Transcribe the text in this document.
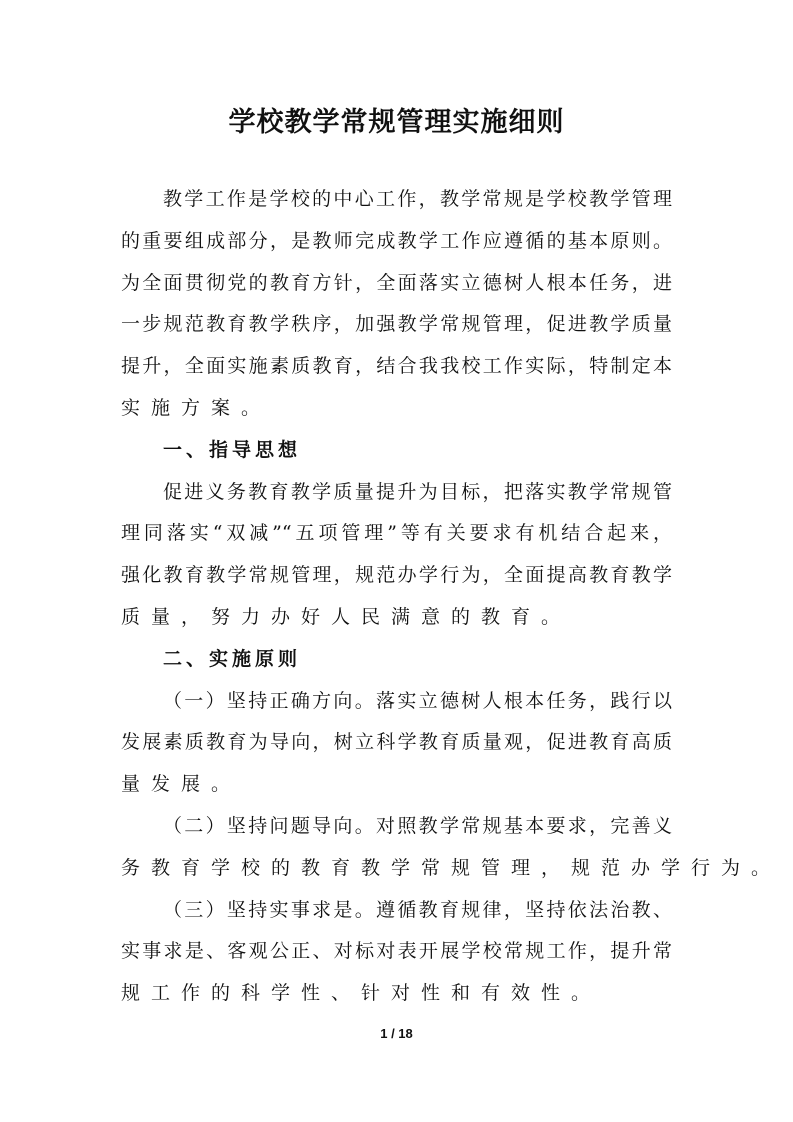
学校教学常规管理实施细则
教学工作是学校的中心工作，教学常规是学校教学管理
的重要组成部分，是教师完成教学工作应遵循的基本原则。
为全面贯彻党的教育方针，全面落实立德树人根本任务，进
一步规范教育教学秩序，加强教学常规管理，促进教学质量
提升，全面实施素质教育，结合我我校工作实际，特制定本
实施方案。
一、指导思想
促进义务教育教学质量提升为目标，把落实教学常规管
理同落实“双减”“五项管理”等有关要求有机结合起来，
强化教育教学常规管理，规范办学行为，全面提高教育教学
质量，努力办好人民满意的教育。
二、实施原则
（一）坚持正确方向。落实立德树人根本任务，践行以
发展素质教育为导向，树立科学教育质量观，促进教育高质
量发展。
（二）坚持问题导向。对照教学常规基本要求，完善义
务教育学校的教育教学常规管理，规范办学行为。
（三）坚持实事求是。遵循教育规律，坚持依法治教、
实事求是、客观公正、对标对表开展学校常规工作，提升常
规工作的科学性、针对性和有效性。
1 / 18
